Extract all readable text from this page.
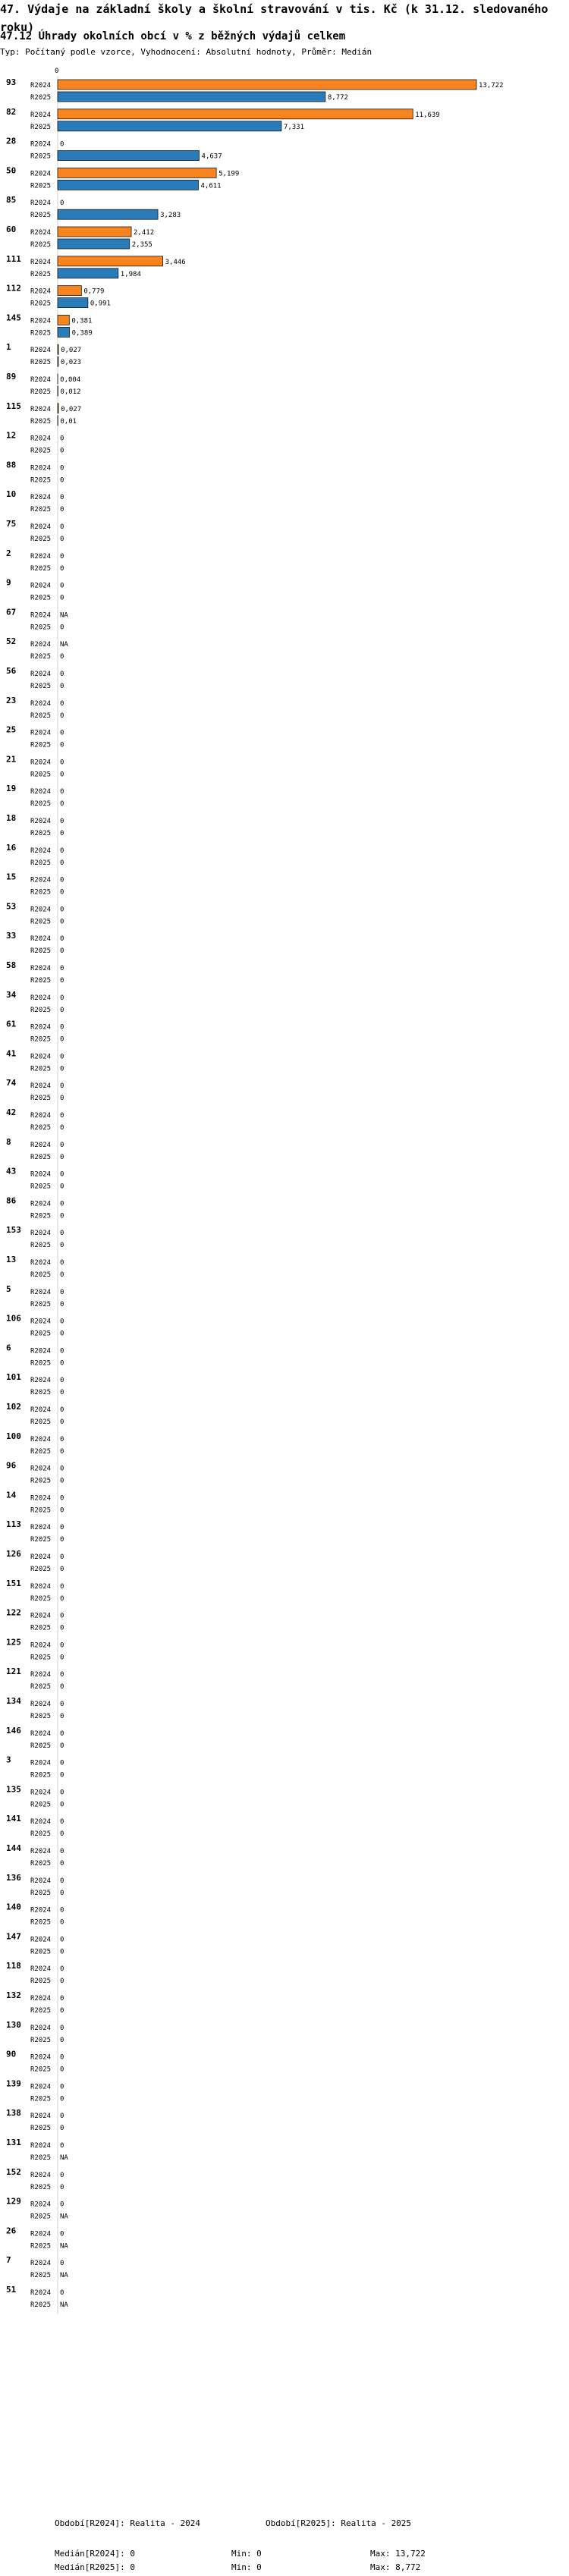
47. Výdaje na základní školy a školní stravování v tis. Kč (k 31.12. sledovaného roku)
47.12 Úhrady okolních obcí v % z běžných výdajů celkem
Typ: Počítaný podle vzorce, Vyhodnocení: Absolutní hodnoty, Průměr: Medián
0
93 R2024	13,722
R2025	8,772
82 R2024	11,639
R2025	7,331
28 R2024 0
R2025	4,637
50 R2024	5,199
R2025	4,611
85 R2024 0
R2025	3,283
60 R2024	2,412
R2025	2,355
111 R2024	3,446
R2025	1,984
112 R2024	0,779
R2025	0,991
145 R2024	0,381
R2025	0,389
1	R2024 0,027
R2025 0,023
89 R2024 0,004
R2025 0,012
115 R2024 0,027
R2025 0,01
12 R2024 0
R2025 0
88 R2024 0
R2025 0
10 R2024 0
R2025 0
75 R2024 0
R2025 0
2	R2024 0
R2025 0
9	R2024 0
R2025 0
67 R2024 NA
R2025 0
52 R2024 NA
R2025 0
56 R2024 0
R2025 0
23 R2024 0
R2025 0
25 R2024 0
R2025 0
21 R2024 0
R2025 0
19 R2024 0
R2025 0
18 R2024 0
R2025 0
16 R2024 0
R2025 0
15 R2024 0
R2025 0
53 R2024 0
R2025 0
33 R2024 0
R2025 0
58 R2024 0
R2025 0
34 R2024 0
R2025 0
61 R2024 0
R2025 0
41 R2024 0
R2025 0
74 R2024 0
R2025 0
42 R2024 0
R2025 0
8	R2024 0
R2025 0
43 R2024 0
R2025 0
86 R2024 0
R2025 0
153 R2024 0
R2025 0
13 R2024 0
R2025 0
5	R2024 0
R2025 0
106 R2024 0
R2025 0
6	R2024 0
R2025 0
101 R2024 0
R2025 0
102 R2024 0
R2025 0
100 R2024 0
R2025 0
96 R2024 0
R2025 0
14 R2024 0
R2025 0
113 R2024 0
R2025 0
126 R2024 0
R2025 0
151 R2024 0
R2025 0
122 R2024 0
R2025 0
125 R2024 0
R2025 0
121 R2024 0
R2025 0
134 R2024 0
R2025 0
146 R2024 0
R2025 0
3	R2024 0
R2025 0
135 R2024 0
R2025 0
141 R2024 0
R2025 0
144 R2024 0
R2025 0
136 R2024 0
R2025 0
140 R2024 0
R2025 0
147 R2024 0
R2025 0
118 R2024 0
R2025 0
132 R2024 0
R2025 0
130 R2024 0
R2025 0
90 R2024 0
R2025 0
139 R2024 0
R2025 0
138 R2024 0
R2025 0
131 R2024 0
R2025 NA
152 R2024 0
R2025 0
129 R2024 0
R2025 NA
26 R2024 0
R2025 NA
7	R2024 0
R2025 NA
51 R2024 0
R2025 NA
Období[R2024]: Realita - 2024	Období[R2025]: Realita - 2025
Medián[R2024]: 0	Min: 0	Max: 13,722
Medián[R2025]: 0	Min: 0	Max: 8,772
